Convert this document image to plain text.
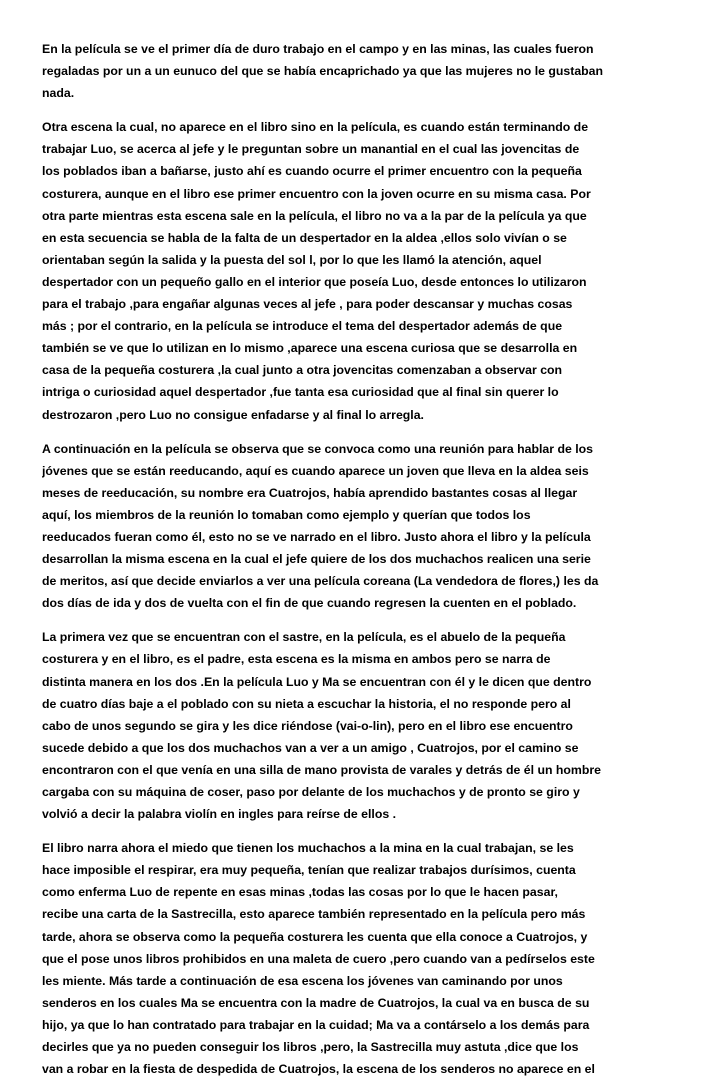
En la película se ve el primer día de duro trabajo en el campo y en las minas, las cuales fueron
regaladas por un a un eunuco del que se había encaprichado ya que las mujeres no le gustaban
nada.
Otra escena la cual, no aparece en el libro sino en la película, es cuando están terminando de
trabajar Luo, se acerca al jefe y le preguntan sobre un manantial en el cual las jovencitas de
los poblados iban a bañarse, justo ahí es cuando ocurre el primer encuentro con la pequeña
costurera, aunque en el libro ese primer encuentro con la joven ocurre en su misma casa. Por
otra parte mientras esta escena sale en la película, el libro no va a la par de la película ya que
en esta secuencia se habla de la falta de un despertador en la aldea ,ellos solo vivían o se
orientaban según la salida y la puesta del sol l, por lo que les llamó la atención, aquel
despertador con un pequeño gallo en el interior que poseía Luo, desde entonces lo utilizaron
para el trabajo ,para engañar algunas veces al jefe , para poder descansar y muchas cosas
más ; por el contrario, en la película se introduce el tema del despertador además de que
también se ve que lo utilizan en lo mismo ,aparece una escena curiosa que se desarrolla en
casa de la pequeña costurera ,la cual junto a otra jovencitas comenzaban a observar con
intriga o curiosidad aquel despertador ,fue tanta esa curiosidad que al final sin querer lo
destrozaron ,pero Luo no consigue enfadarse y al final lo arregla.
A continuación en la película se observa que se convoca como una reunión para hablar de los
jóvenes que se están reeducando, aquí es cuando aparece un joven que lleva en la aldea seis
meses de reeducación, su nombre era Cuatrojos, había aprendido bastantes cosas al llegar
aquí, los miembros de la reunión lo tomaban como ejemplo y querían que todos los
reeducados fueran como él, esto no se ve narrado en el libro. Justo ahora el libro y la película
desarrollan la misma escena en la cual el jefe quiere de los dos muchachos realicen una serie
de meritos, así que decide enviarlos a ver una película coreana (La vendedora de flores,) les da
dos días de ida y dos de vuelta con el fin de que cuando regresen la cuenten en el poblado.
La primera vez que se encuentran con el sastre, en la película, es el abuelo de la pequeña
costurera y en el libro, es el padre, esta escena es la misma en ambos pero se narra de
distinta manera en los dos .En la película Luo y Ma se encuentran con él y le dicen que dentro
de cuatro días baje a el poblado con su nieta a escuchar la historia, el no responde pero al
cabo de unos segundo se gira y les dice riéndose (vai-o-lin), pero en el libro ese encuentro
sucede debido a que los dos muchachos van a ver a un amigo , Cuatrojos, por el camino se
encontraron con el que venía en una silla de mano provista de varales y detrás de él un hombre
cargaba con su máquina de coser, paso por delante de los muchachos y de pronto se giro y
volvió a decir la palabra violín en ingles para reírse de ellos .
El libro narra ahora el miedo que tienen los muchachos a la mina en la cual trabajan, se les
hace imposible el respirar, era muy pequeña, tenían que realizar trabajos durísimos, cuenta
como enferma Luo de repente en esas minas ,todas las cosas por lo que le hacen pasar,
recibe una carta de la Sastrecilla, esto aparece también representado en la película pero más
tarde, ahora se observa como la pequeña costurera les cuenta que ella conoce a Cuatrojos, y
que el pose unos libros prohibidos en una maleta de cuero ,pero cuando van a pedírselos este
les miente. Más tarde a continuación de esa escena los jóvenes van caminando por unos
senderos en los cuales Ma se encuentra con la madre de Cuatrojos, la cual va en busca de su
hijo, ya que lo han contratado para trabajar en la cuidad; Ma va a contárselo a los demás para
decirles que ya no pueden conseguir los libros ,pero, la Sastrecilla muy astuta ,dice que los
van a robar en la fiesta de despedida de Cuatrojos, la escena de los senderos no aparece en el
